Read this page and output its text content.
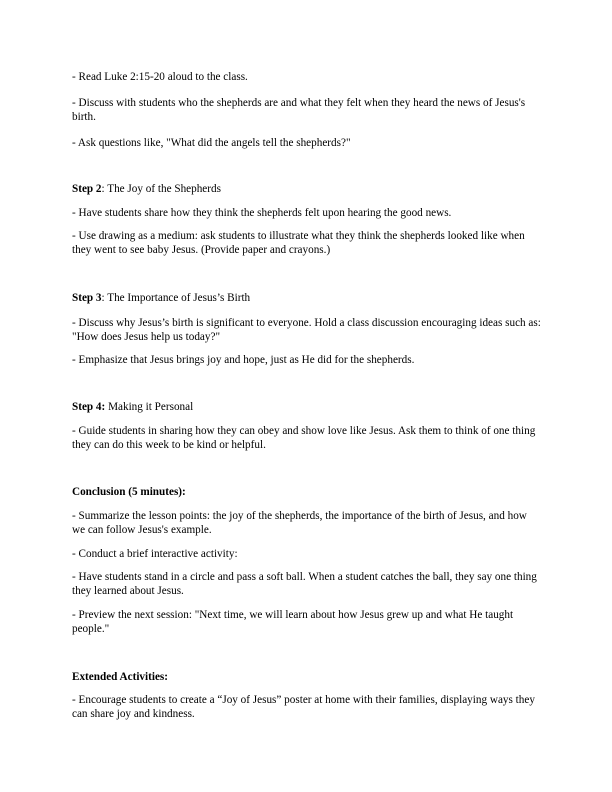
- Read Luke 2:15-20 aloud to the class.

- Discuss with students who the shepherds are and what they felt when they heard the news of Jesus's birth.

- Ask questions like, "What did the angels tell the shepherds?"

Step 2: The Joy of the Shepherds

- Have students share how they think the shepherds felt upon hearing the good news.

- Use drawing as a medium: ask students to illustrate what they think the shepherds looked like when they went to see baby Jesus. (Provide paper and crayons.)

Step 3: The Importance of Jesus’s Birth

- Discuss why Jesus’s birth is significant to everyone. Hold a class discussion encouraging ideas such as: "How does Jesus help us today?"

- Emphasize that Jesus brings joy and hope, just as He did for the shepherds.

Step 4: Making it Personal

- Guide students in sharing how they can obey and show love like Jesus. Ask them to think of one thing they can do this week to be kind or helpful.

Conclusion (5 minutes):

- Summarize the lesson points: the joy of the shepherds, the importance of the birth of Jesus, and how we can follow Jesus's example.

- Conduct a brief interactive activity:

- Have students stand in a circle and pass a soft ball. When a student catches the ball, they say one thing they learned about Jesus.

- Preview the next session: "Next time, we will learn about how Jesus grew up and what He taught people."

Extended Activities:

- Encourage students to create a “Joy of Jesus” poster at home with their families, displaying ways they can share joy and kindness.
